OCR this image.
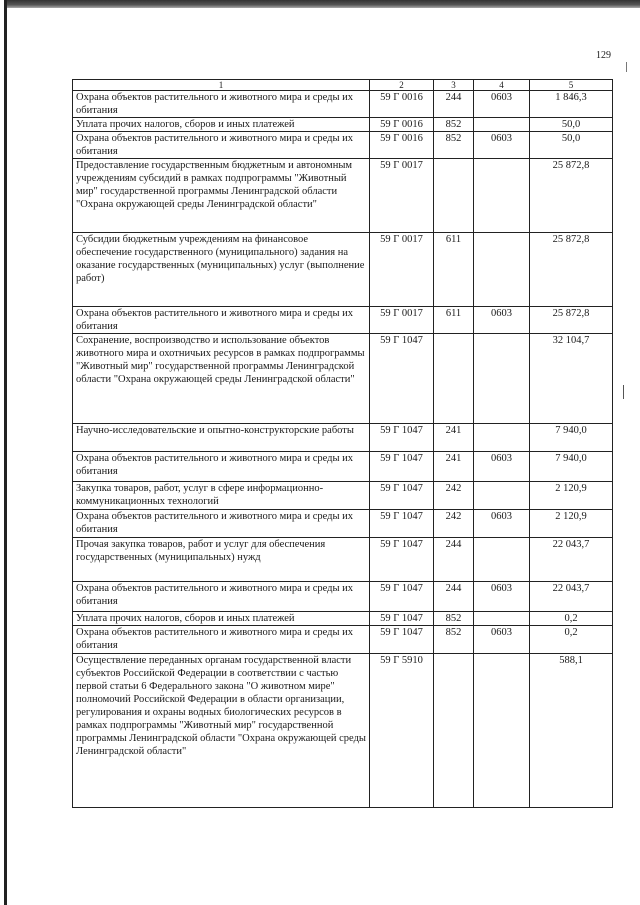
129
1	2	3	4	5
Охрана объектов растительного и животного мира и среды их обитания	59 Г 0016	244	0603	1 846,3
Уплата прочих налогов, сборов и иных платежей	59 Г 0016	852		50,0
Охрана объектов растительного и животного мира и среды их обитания	59 Г 0016	852	0603	50,0
Предоставление государственным бюджетным и автономным учреждениям субсидий в рамках подпрограммы "Животный мир" государственной программы Ленинградской области "Охрана окружающей среды Ленинградской области"	59 Г 0017			25 872,8
Субсидии бюджетным учреждениям на финансовое обеспечение государственного (муниципального) задания на оказание государственных (муниципальных) услуг (выполнение работ)	59 Г 0017	611		25 872,8
Охрана объектов растительного и животного мира и среды их обитания	59 Г 0017	611	0603	25 872,8
Сохранение, воспроизводство и использование объектов животного мира и охотничьих ресурсов в рамках подпрограммы "Животный мир" государственной программы Ленинградской области "Охрана окружающей среды Ленинградской области"	59 Г 1047			32 104,7
Научно-исследовательские и опытно-конструкторские работы	59 Г 1047	241		7 940,0
Охрана объектов растительного и животного мира и среды их обитания	59 Г 1047	241	0603	7 940,0
Закупка товаров, работ, услуг в сфере информационно-коммуникационных технологий	59 Г 1047	242		2 120,9
Охрана объектов растительного и животного мира и среды их обитания	59 Г 1047	242	0603	2 120,9
Прочая закупка товаров, работ и услуг для обеспечения государственных (муниципальных) нужд	59 Г 1047	244		22 043,7
Охрана объектов растительного и животного мира и среды их обитания	59 Г 1047	244	0603	22 043,7
Уплата прочих налогов, сборов и иных платежей	59 Г 1047	852		0,2
Охрана объектов растительного и животного мира и среды их обитания	59 Г 1047	852	0603	0,2
Осуществление переданных органам государственной власти субъектов Российской Федерации в соответствии с частью первой статьи 6 Федерального закона "О животном мире" полномочий Российской Федерации в области организации, регулирования и охраны водных биологических ресурсов в рамках подпрограммы "Животный мир" государственной программы Ленинградской области "Охрана окружающей среды Ленинградской области"	59 Г 5910			588,1
